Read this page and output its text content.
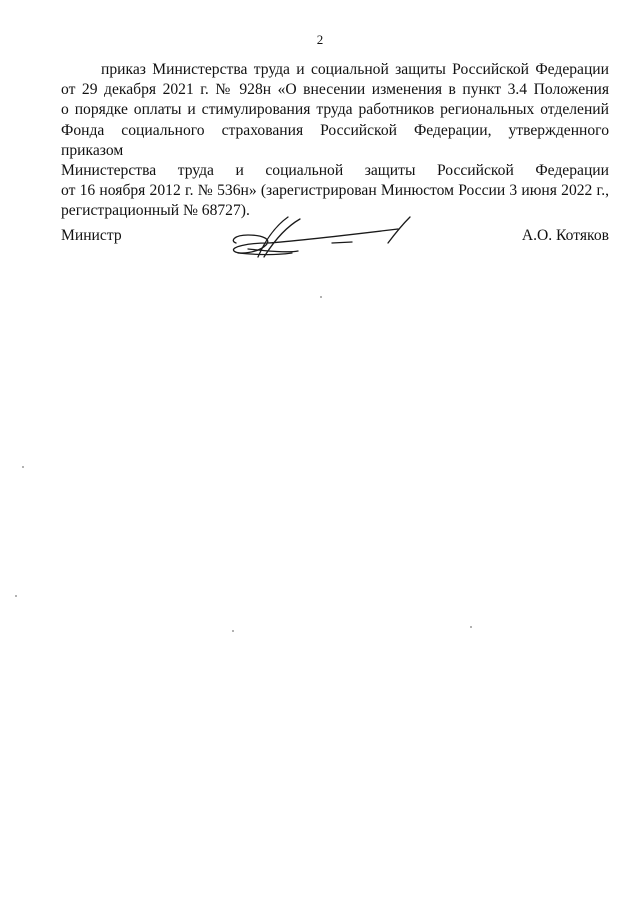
2
приказ Министерства труда и социальной защиты Российской Федерации
от 29 декабря 2021 г. № 928н «О внесении изменения в пункт 3.4 Положения
о порядке оплаты и стимулирования труда работников региональных отделений
Фонда социального страхования Российской Федерации, утвержденного приказом
Министерства труда и социальной защиты Российской Федерации
от 16 ноября 2012 г. № 536н» (зарегистрирован Минюстом России 3 июня 2022 г.,
регистрационный № 68727).
Министр	А.О. Котяков
